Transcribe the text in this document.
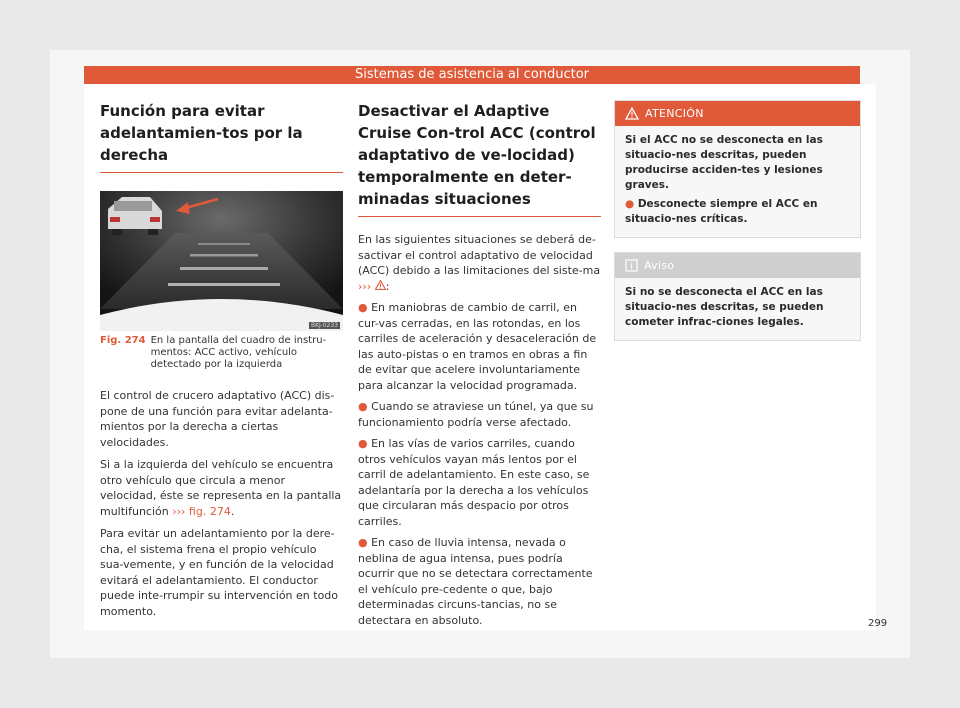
Sistemas de asistencia al conductor
Función para evitar adelantamien-tos por la derecha
BKJ-0233
Fig. 274 En la pantalla del cuadro de instru-mentos: ACC activo, vehículo detectado por la izquierda

El control de crucero adaptativo (ACC) dis-pone de una función para evitar adelanta-mientos por la derecha a ciertas velocidades.

Si a la izquierda del vehículo se encuentra otro vehículo que circula a menor velocidad, éste se representa en la pantalla multifunción ››› fig. 274.

Para evitar un adelantamiento por la dere-cha, el sistema frena el propio vehículo sua-vemente, y en función de la velocidad evitará el adelantamiento. El conductor puede inte-rrumpir su intervención en todo momento.

Desactivar el Adaptive Cruise Con-trol ACC (control adaptativo de ve-locidad) temporalmente en deter-minadas situaciones

En las siguientes situaciones se deberá de-sactivar el control adaptativo de velocidad (ACC) debido a las limitaciones del siste-ma ››› :

● En maniobras de cambio de carril, en cur-vas cerradas, en las rotondas, en los carriles de aceleración y desaceleración de las auto-pistas o en tramos en obras a fin de evitar que acelere involuntariamente para alcanzar la velocidad programada.

● Cuando se atraviese un túnel, ya que su funcionamiento podría verse afectado.

● En las vías de varios carriles, cuando otros vehículos vayan más lentos por el carril de adelantamiento. En este caso, se adelantaría por la derecha a los vehículos que circularan más despacio por otros carriles.

● En caso de lluvia intensa, nevada o neblina de agua intensa, pues podría ocurrir que no se detectara correctamente el vehículo pre-cedente o que, bajo determinadas circuns-tancias, no se detectara en absoluto.

ATENCIÓN

Si el ACC no se desconecta en las situacio-nes descritas, pueden producirse acciden-tes y lesiones graves.

● Desconecte siempre el ACC en situacio-nes críticas.

Aviso

Si no se desconecta el ACC en las situacio-nes descritas, se pueden cometer infrac-ciones legales.

299
